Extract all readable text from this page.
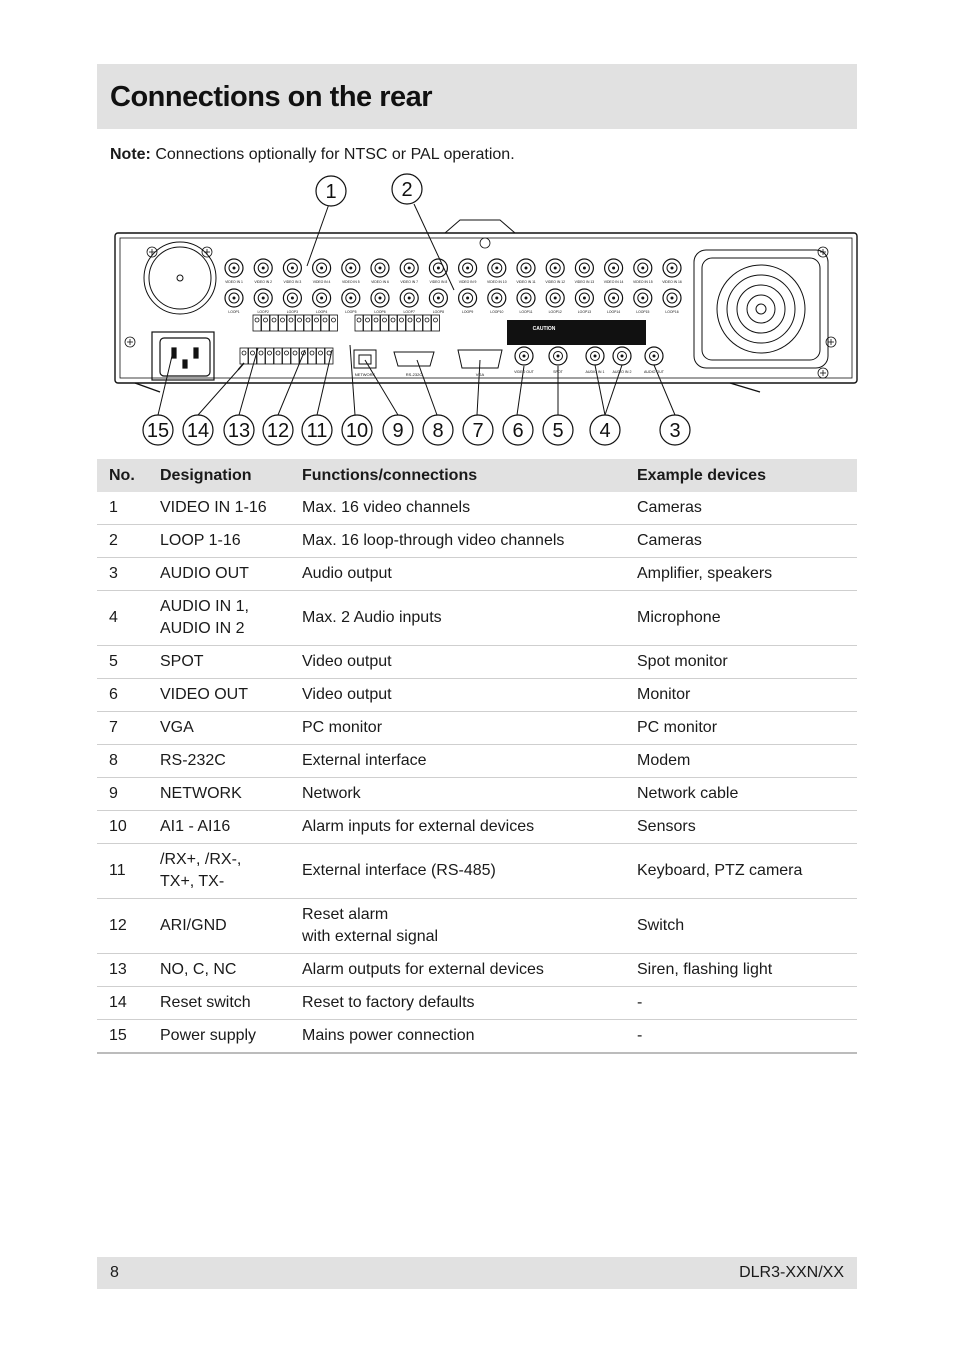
Connections on the rear
Note: Connections optionally for NTSC or PAL operation.
VIDEO IN 1
LOOP1
VIDEO IN 2
LOOP2
VIDEO IN 3
LOOP3
VIDEO IN 4
LOOP4
VIDEO IN 5
LOOP5
VIDEO IN 6
LOOP6
VIDEO IN 7
LOOP7
VIDEO IN 8
LOOP8
VIDEO IN 9
LOOP9
VIDEO IN 10
LOOP10
VIDEO IN 11
LOOP11
VIDEO IN 12
LOOP12
VIDEO IN 13
LOOP13
VIDEO IN 14
LOOP14
VIDEO IN 15
LOOP15
VIDEO IN 16
LOOP16
NETWORK	RS-232C	VGA
CAUTION
VIDEO OUT	SPOT	AUDIO IN 1 AUDIO IN 2	AUDIO OUT
1	2
15 14 13 12 11 10 9 8 7 6 5 4	3
No.	Designation	Functions/connections	Example devices
1	VIDEO IN 1-16	Max. 16 video channels	Cameras
2	LOOP 1-16	Max. 16 loop-through video channels	Cameras
3	AUDIO OUT	Audio output	Amplifier, speakers
4	AUDIO IN 1,
AUDIO IN 2	Max. 2 Audio inputs	Microphone
5	SPOT	Video output	Spot monitor
6	VIDEO OUT	Video output	Monitor
7	VGA	PC monitor	PC monitor
8	RS-232C	External interface	Modem
9	NETWORK	Network	Network cable
10	AI1 - AI16	Alarm inputs for external devices	Sensors
11	/RX+, /RX-,
TX+, TX-	External interface (RS-485)	Keyboard, PTZ camera
12	ARI/GND	Reset alarm
with external signal	Switch
13	NO, C, NC	Alarm outputs for external devices	Siren, flashing light
14	Reset switch	Reset to factory defaults	-
15	Power supply	Mains power connection	-
8	DLR3-XXN/XX
